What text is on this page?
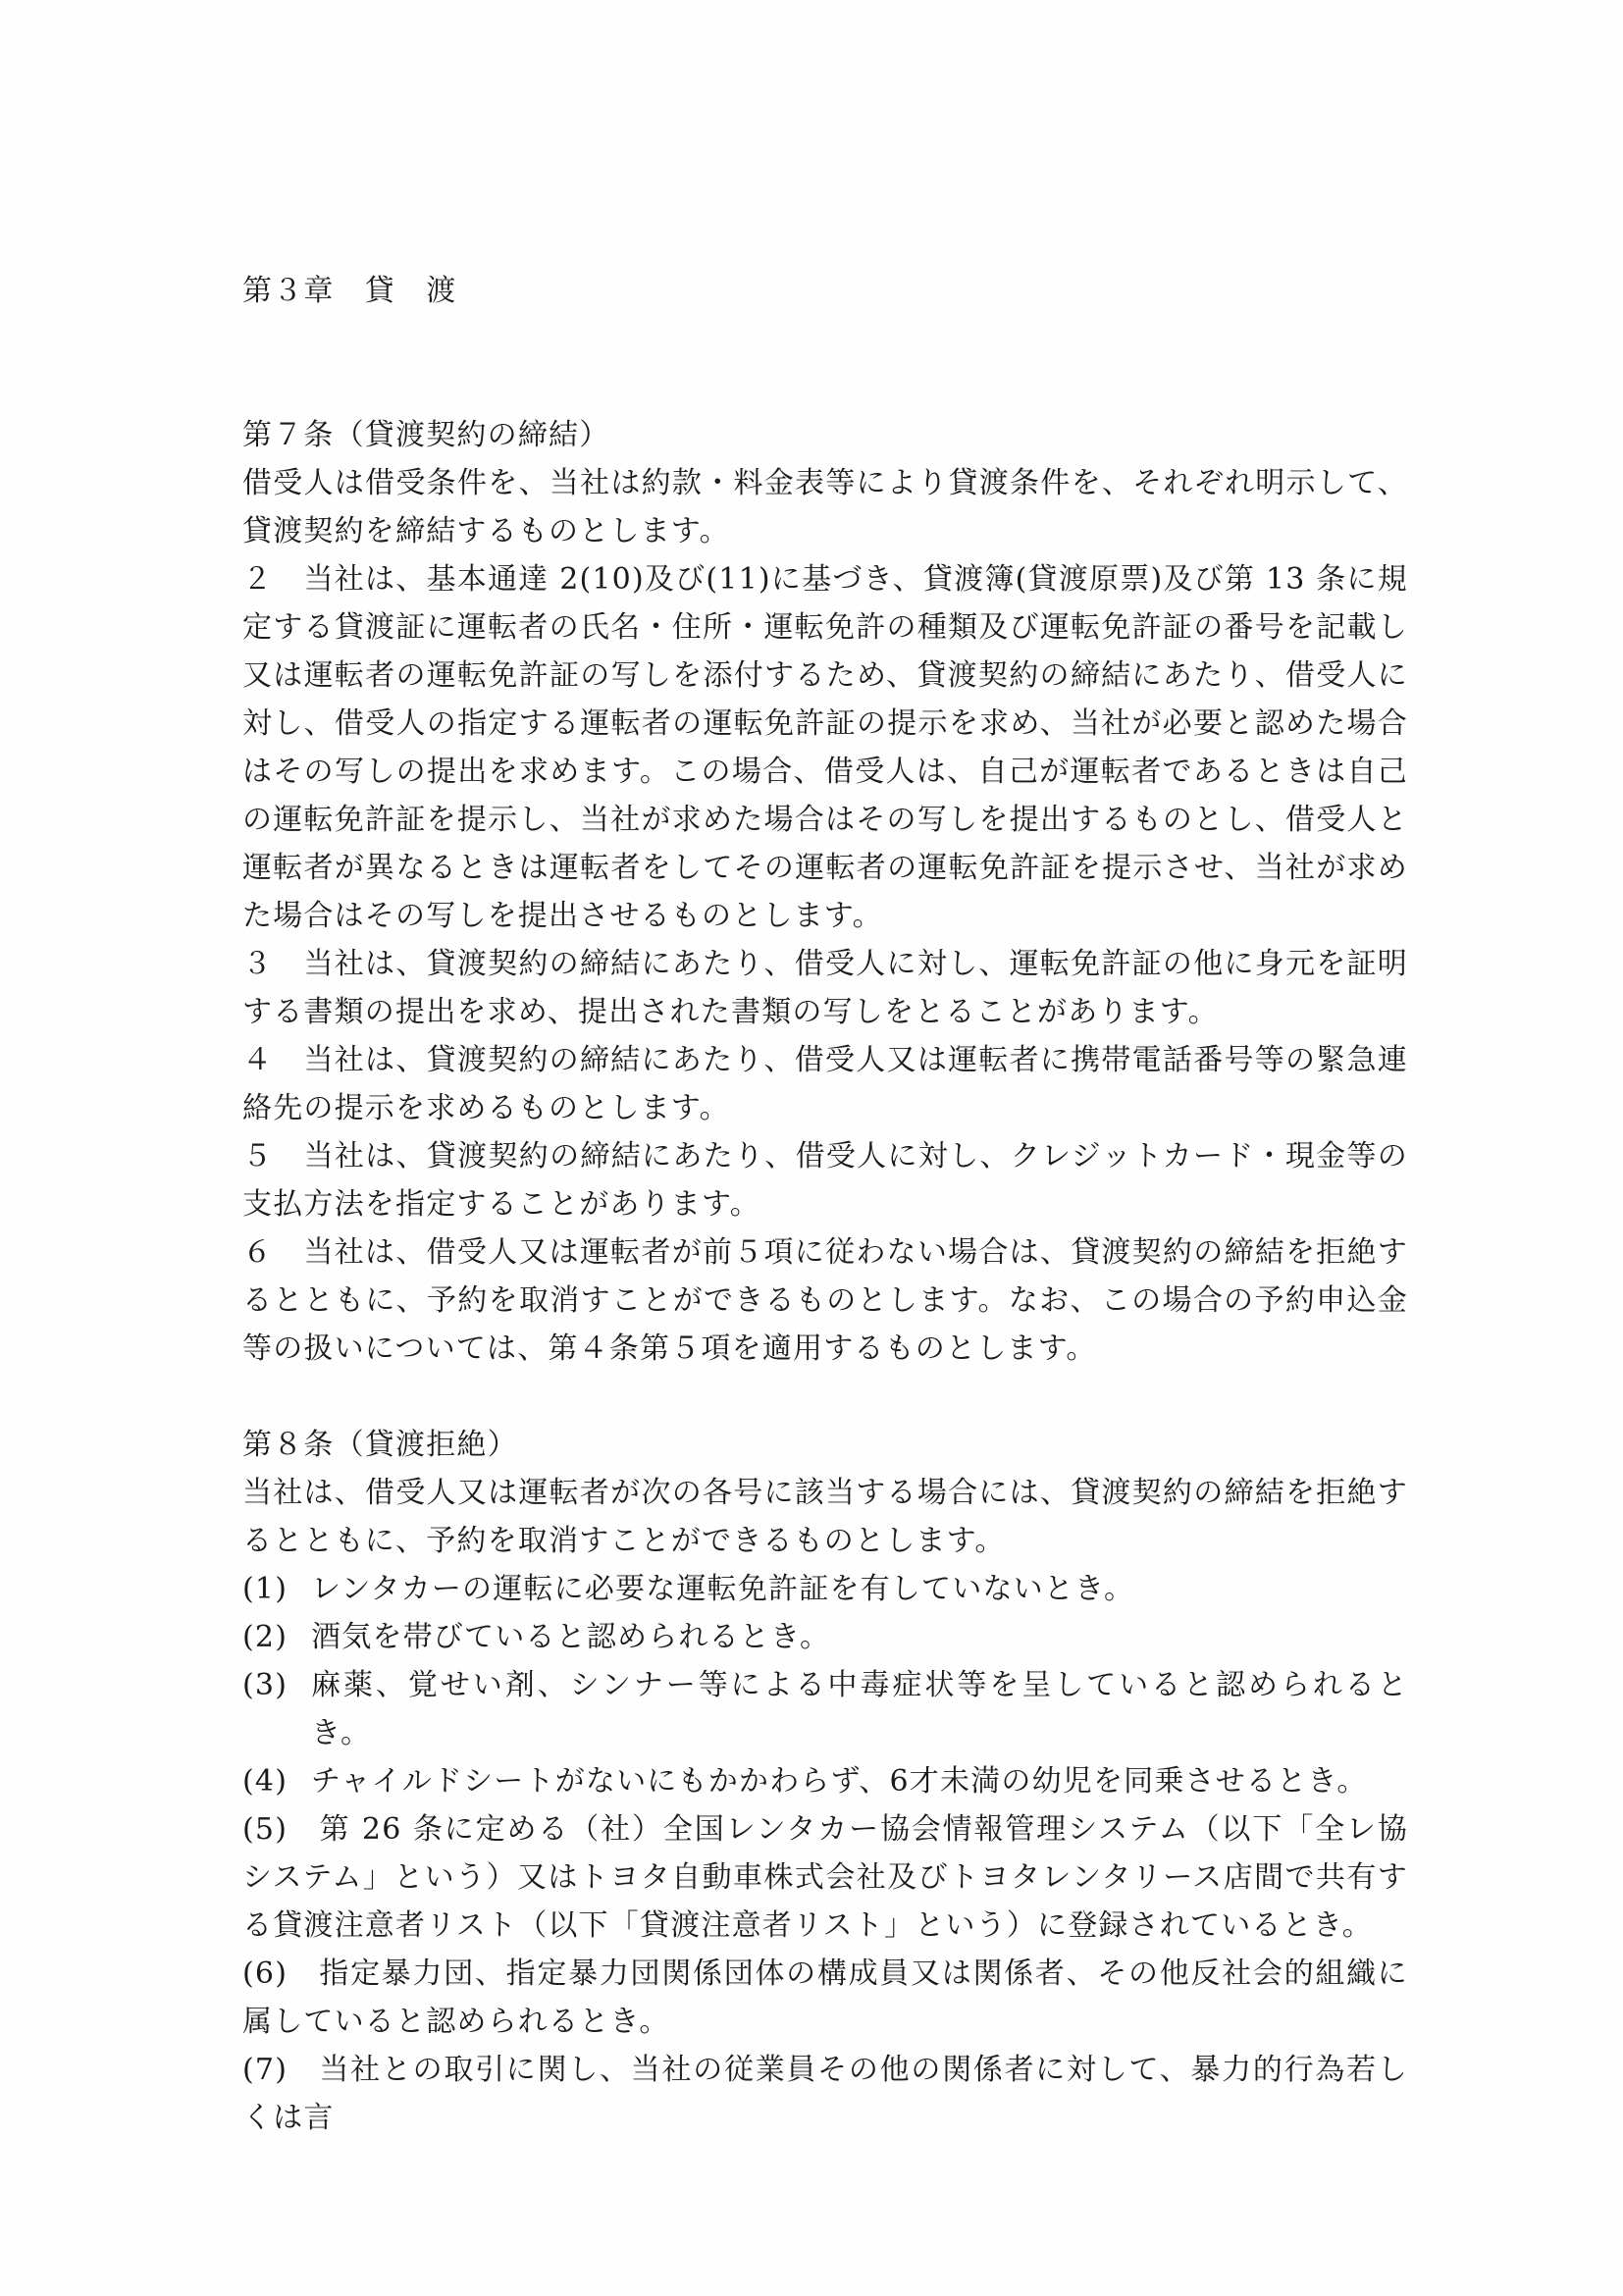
第３章　貸　渡
第７条（貸渡契約の締結）

借受人は借受条件を、当社は約款・料金表等により貸渡条件を、それぞれ明示して、貸渡契約を締結するものとします。

２　当社は、基本通達 2(10)及び(11)に基づき、貸渡簿(貸渡原票)及び第 13 条に規定する貸渡証に運転者の氏名・住所・運転免許の種類及び運転免許証の番号を記載し又は運転者の運転免許証の写しを添付するため、貸渡契約の締結にあたり、借受人に対し、借受人の指定する運転者の運転免許証の提示を求め、当社が必要と認めた場合はその写しの提出を求めます。この場合、借受人は、自己が運転者であるときは自己の運転免許証を提示し、当社が求めた場合はその写しを提出するものとし、借受人と運転者が異なるときは運転者をしてその運転者の運転免許証を提示させ、当社が求めた場合はその写しを提出させるものとします。

３　当社は、貸渡契約の締結にあたり、借受人に対し、運転免許証の他に身元を証明する書類の提出を求め、提出された書類の写しをとることがあります。

４　当社は、貸渡契約の締結にあたり、借受人又は運転者に携帯電話番号等の緊急連絡先の提示を求めるものとします。

５　当社は、貸渡契約の締結にあたり、借受人に対し、クレジットカード・現金等の支払方法を指定することがあります。

６　当社は、借受人又は運転者が前５項に従わない場合は、貸渡契約の締結を拒絶するとともに、予約を取消すことができるものとします。なお、この場合の予約申込金等の扱いについては、第４条第５項を適用するものとします。

第８条（貸渡拒絶）

当社は、借受人又は運転者が次の各号に該当する場合には、貸渡契約の締結を拒絶するとともに、予約を取消すことができるものとします。

(1) レンタカーの運転に必要な運転免許証を有していないとき。
(2) 酒気を帯びていると認められるとき。
(3) 麻薬、覚せい剤、シンナー等による中毒症状等を呈していると認められるとき。
(4) チャイルドシートがないにもかかわらず、6才未満の幼児を同乗させるとき。

(5)　 第 26 条に定める（社）全国レンタカー協会情報管理システム（以下「全レ協システム」という）又はトヨタ自動車株式会社及びトヨタレンタリース店間で共有する貸渡注意者リスト（以下「貸渡注意者リスト」という）に登録されているとき。

(6)　 指定暴力団、指定暴力団関係団体の構成員又は関係者、その他反社会的組織に属していると認められるとき。

(7)　 当社との取引に関し、当社の従業員その他の関係者に対して、暴力的行為若しくは言
